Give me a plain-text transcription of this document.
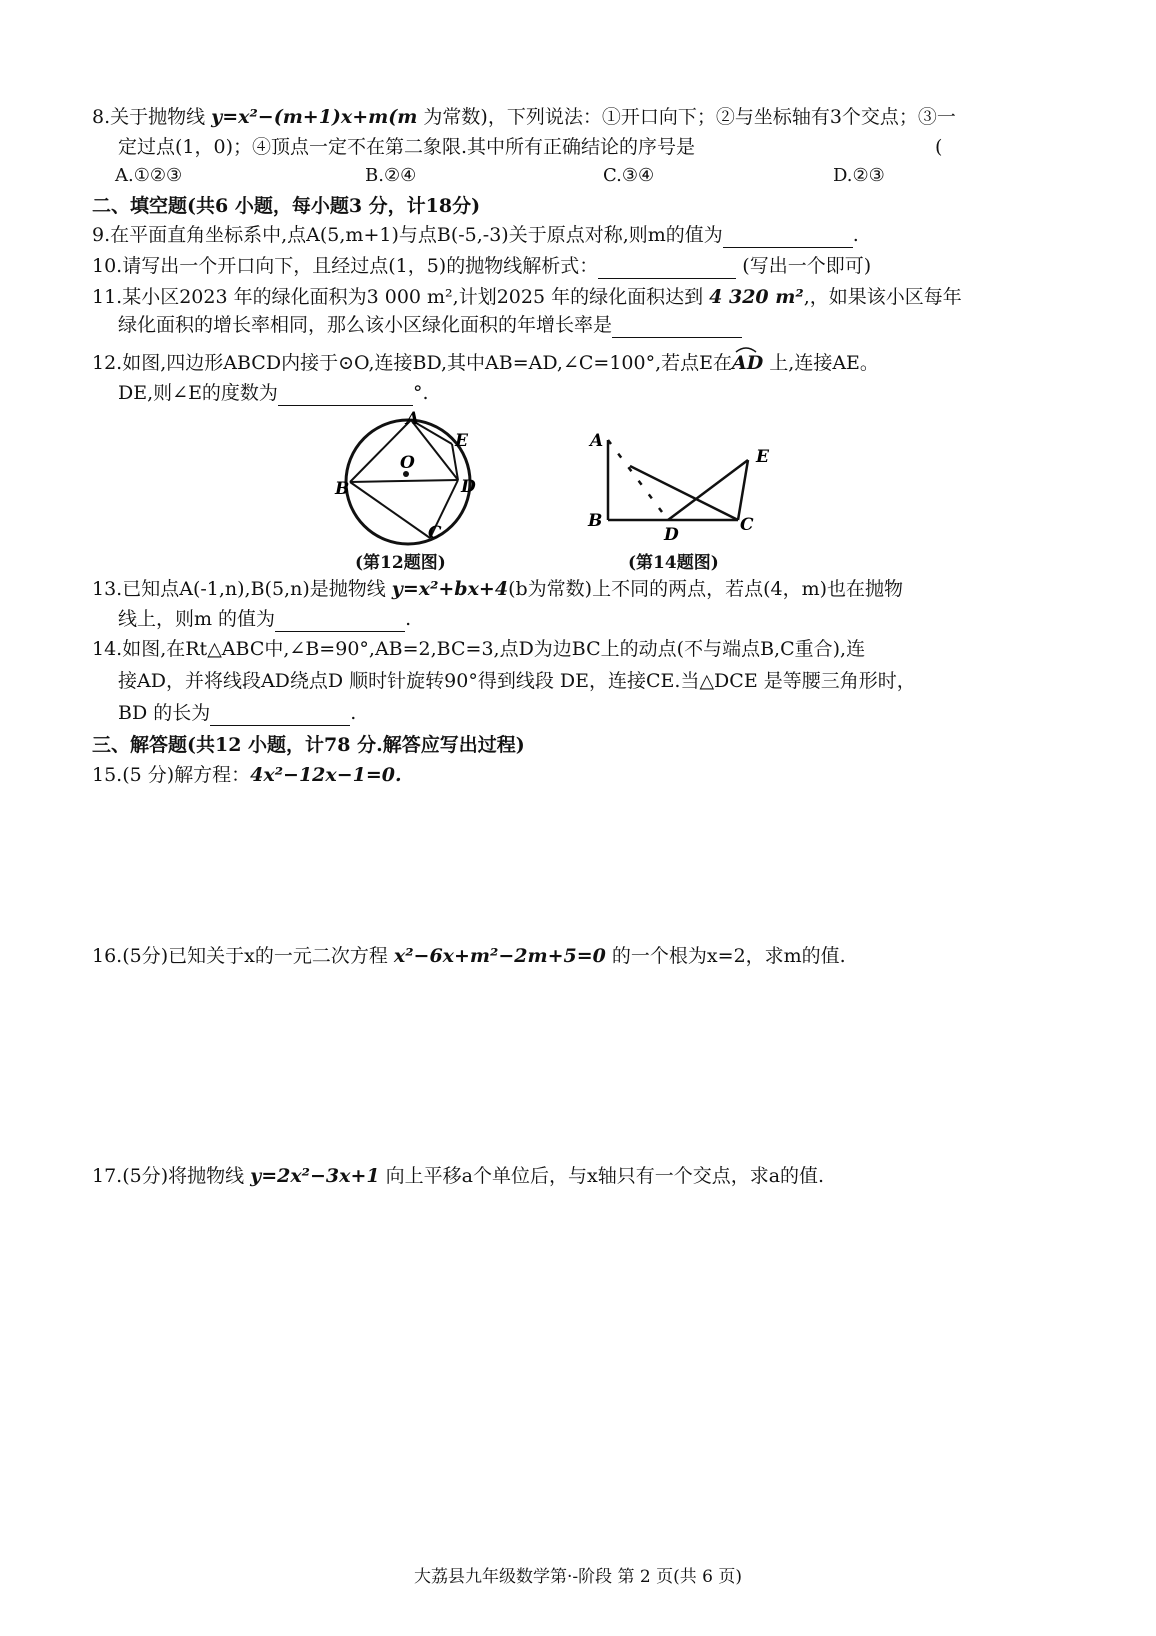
8.关于抛物线 y=x²−(m+1)x+m(m 为常数)，下列说法：①开口向下；②与坐标轴有3个交点；③一
定过点(1，0)；④顶点一定不在第二象限.其中所有正确结论的序号是	(
A.①②③	B.②④	C.③④	D.②③
二、填空题(共6 小题，每小题3 分，计18分)
9.在平面直角坐标系中,点A(5,m+1)与点B(-5,-3)关于原点对称,则m的值为	.
10.请写出一个开口向下，且经过点(1，5)的抛物线解析式：	(写出一个即可)
11.某小区2023 年的绿化面积为3 000 m²,计划2025 年的绿化面积达到 4 320 m²,，如果该小区每年
绿化面积的增长率相同，那么该小区绿化面积的年增长率是
12.如图,四边形ABCD内接于⊙O,连接BD,其中AB=AD,∠C=100°,若点E在AD
上,连接AE。
DE,则∠E的度数为	°.
A
E
O
B	D
C
(第12题图)
A
B
D	C
E
(第14题图)
13.已知点A(-1,n),B(5,n)是抛物线 y=x²+bx+4(b为常数)上不同的两点，若点(4，m)也在抛物
线上，则m 的值为	.
14.如图,在Rt△ABC中,∠B=90°,AB=2,BC=3,点D为边BC上的动点(不与端点B,C重合),连
接AD，并将线段AD绕点D 顺时针旋转90°得到线段 DE，连接CE.当△DCE 是等腰三角形时，
BD 的长为	.
三、解答题(共12 小题，计78 分.解答应写出过程)
15.(5 分)解方程：4x²−12x−1=0.
16.(5分)已知关于x的一元二次方程 x²−6x+m²−2m+5=0 的一个根为x=2，求m的值.
17.(5分)将抛物线 y=2x²−3x+1 向上平移a个单位后，与x轴只有一个交点，求a的值.
大荔县九年级数学第·-阶段 第 2 页(共 6 页)
